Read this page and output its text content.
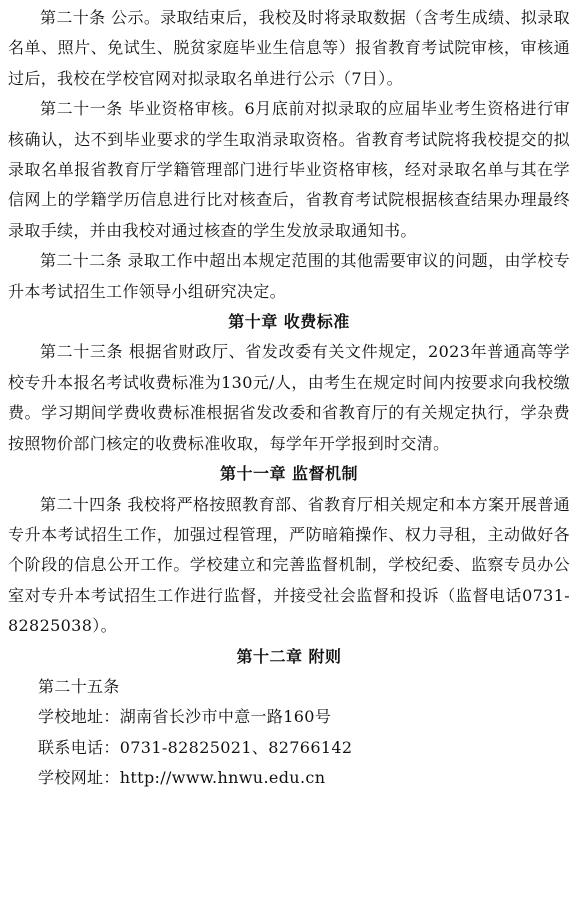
第二十条 公示。录取结束后，我校及时将录取数据（含考生成绩、拟录取名单、照片、免试生、脱贫家庭毕业生信息等）报省教育考试院审核，审核通过后，我校在学校官网对拟录取名单进行公示（7日）。

第二十一条 毕业资格审核。6月底前对拟录取的应届毕业考生资格进行审核确认，达不到毕业要求的学生取消录取资格。省教育考试院将我校提交的拟录取名单报省教育厅学籍管理部门进行毕业资格审核，经对录取名单与其在学信网上的学籍学历信息进行比对核查后，省教育考试院根据核查结果办理最终录取手续，并由我校对通过核查的学生发放录取通知书。

第二十二条 录取工作中超出本规定范围的其他需要审议的问题，由学校专升本考试招生工作领导小组研究决定。

第十章 收费标准

第二十三条 根据省财政厅、省发改委有关文件规定，2023年普通高等学校专升本报名考试收费标准为130元/人，由考生在规定时间内按要求向我校缴费。学习期间学费收费标准根据省发改委和省教育厅的有关规定执行，学杂费按照物价部门核定的收费标准收取，每学年开学报到时交清。

第十一章 监督机制

第二十四条 我校将严格按照教育部、省教育厅相关规定和本方案开展普通专升本考试招生工作，加强过程管理，严防暗箱操作、权力寻租，主动做好各个阶段的信息公开工作。学校建立和完善监督机制，学校纪委、监察专员办公室对专升本考试招生工作进行监督，并接受社会监督和投诉（监督电话0731-82825038）。

第十二章 附则

第二十五条

学校地址：湖南省长沙市中意一路160号

联系电话：0731-82825021、82766142

学校网址：http://www.hnwu.edu.cn
